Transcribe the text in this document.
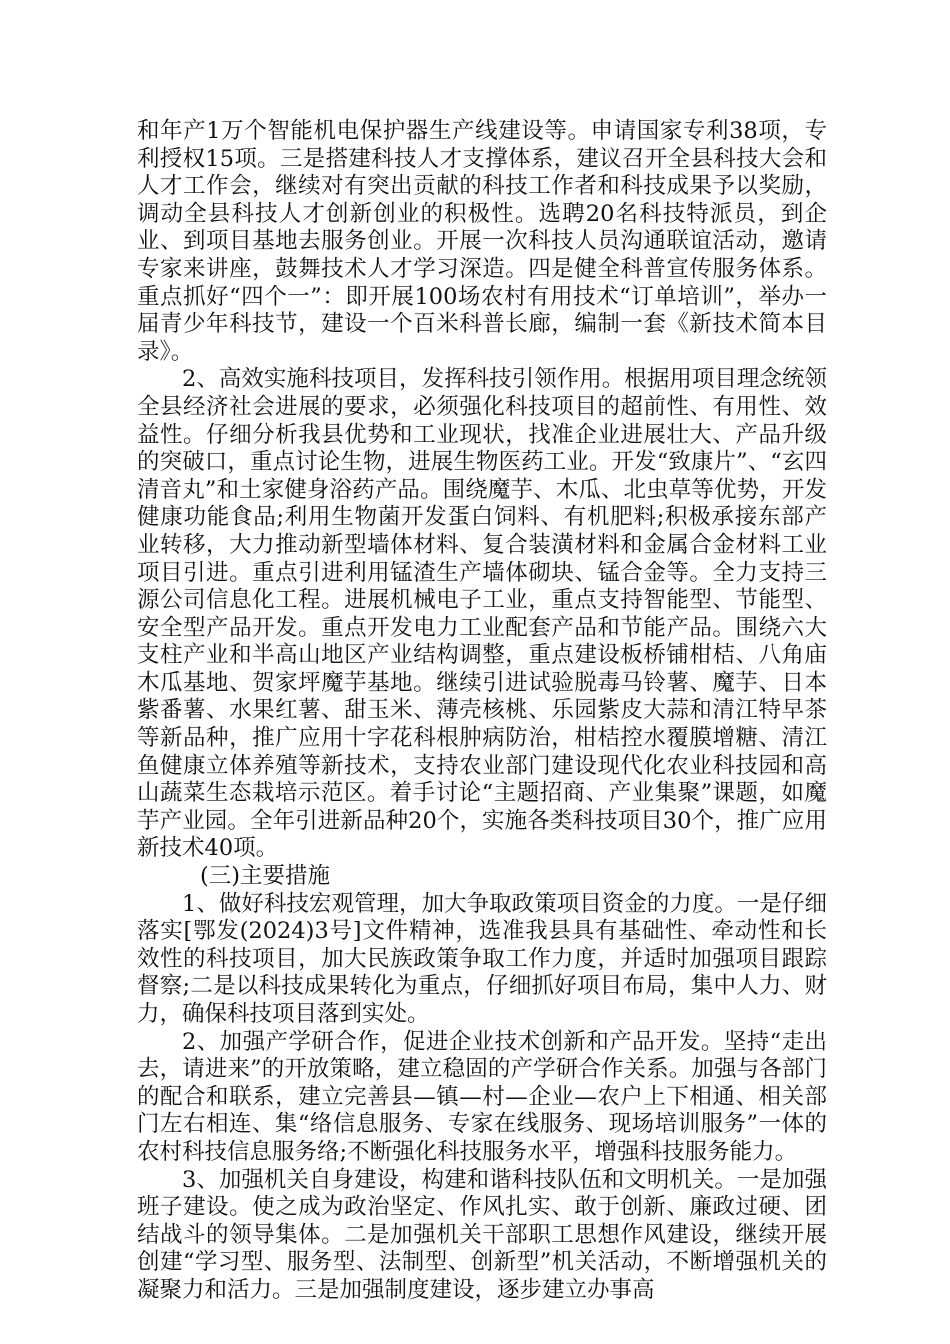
和年产1万个智能机电保护器生产线建设等。申请国家专利38项，专利授权15项。三是搭建科技人才支撑体系，建议召开全县科技大会和人才工作会，继续对有突出贡献的科技工作者和科技成果予以奖励，调动全县科技人才创新创业的积极性。选聘20名科技特派员，到企业、到项目基地去服务创业。开展一次科技人员沟通联谊活动，邀请专家来讲座，鼓舞技术人才学习深造。四是健全科普宣传服务体系。重点抓好“四个一”：即开展100场农村有用技术“订单培训”，举办一届青少年科技节，建设一个百米科普长廊，编制一套《新技术简本目录》。

2、高效实施科技项目，发挥科技引领作用。根据用项目理念统领全县经济社会进展的要求，必须强化科技项目的超前性、有用性、效益性。仔细分析我县优势和工业现状，找准企业进展壮大、产品升级的突破口，重点讨论生物，进展生物医药工业。开发“致康片”、“玄四清音丸”和土家健身浴药产品。围绕魔芋、木瓜、北虫草等优势，开发健康功能食品;利用生物菌开发蛋白饲料、有机肥料;积极承接东部产业转移，大力推动新型墙体材料、复合装潢材料和金属合金材料工业项目引进。重点引进利用锰渣生产墙体砌块、锰合金等。全力支持三源公司信息化工程。进展机械电子工业，重点支持智能型、节能型、安全型产品开发。重点开发电力工业配套产品和节能产品。围绕六大支柱产业和半高山地区产业结构调整，重点建设板桥铺柑桔、八角庙木瓜基地、贺家坪魔芋基地。继续引进试验脱毒马铃薯、魔芋、日本紫番薯、水果红薯、甜玉米、薄壳核桃、乐园紫皮大蒜和清江特早茶等新品种，推广应用十字花科根肿病防治，柑桔控水覆膜增糖、清江鱼健康立体养殖等新技术，支持农业部门建设现代化农业科技园和高山蔬菜生态栽培示范区。着手讨论“主题招商、产业集聚”课题，如魔芋产业园。全年引进新品种20个，实施各类科技项目30个，推广应用新技术40项。

(三)主要措施

1、做好科技宏观管理，加大争取政策项目资金的力度。一是仔细落实[鄂发(2024)3号]文件精神，选准我县具有基础性、牵动性和长效性的科技项目，加大民族政策争取工作力度，并适时加强项目跟踪督察;二是以科技成果转化为重点，仔细抓好项目布局，集中人力、财力，确保科技项目落到实处。

2、加强产学研合作，促进企业技术创新和产品开发。坚持“走出去，请进来”的开放策略，建立稳固的产学研合作关系。加强与各部门的配合和联系，建立完善县—镇—村—企业—农户上下相通、相关部门左右相连、集“络信息服务、专家在线服务、现场培训服务”一体的农村科技信息服务络;不断强化科技服务水平，增强科技服务能力。

3、加强机关自身建设，构建和谐科技队伍和文明机关。一是加强班子建设。使之成为政治坚定、作风扎实、敢于创新、廉政过硬、团结战斗的领导集体。二是加强机关干部职工思想作风建设，继续开展创建“学习型、服务型、法制型、创新型”机关活动，不断增强机关的凝聚力和活力。三是加强制度建设，逐步建立办事高
